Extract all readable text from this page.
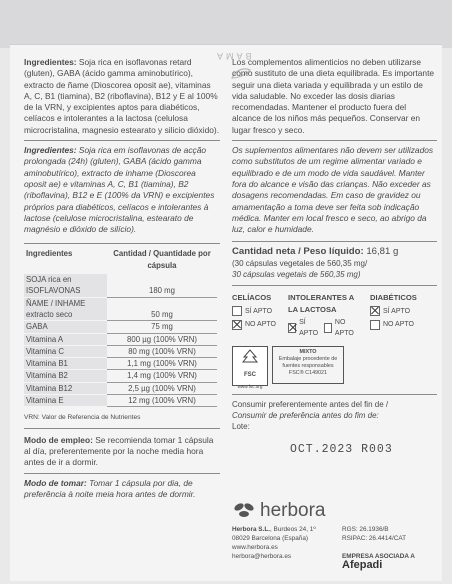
BAMA

Ingredientes: Soja rica en isoflavonas retard (gluten), GABA (ácido gamma aminobutírico), extracto de ñame (Dioscorea oposit ae), vitaminas A, C, B1 (tiamina), B2 (riboflavina), B12 y E al 100% de la VRN, y excipientes aptos para diabéticos, celíacos e intolerantes a la lactosa (celulosa microcristalina, magnesio estearato y silicio dióxido).

Ingredientes: Soja rica em isoflavonas de acção prolongada (24h) (gluten), GABA (ácido gamma aminobutírico), extracto de inhame (Dioscorea oposit ae) e vitaminas A, C, B1 (tiamina), B2 (riboflavina), B12 e E (100% da VRN) e excipientes próprios para diabéticos, celíacos e intolerantes à lactose (celulose microcristalina, estearato de magnésio e dióxido de silício).

Ingredientes	Cantidad / Quantidade por cápsula
SOJA rica en ISOFLAVONAS	180 mg
ÑAME / INHAME extracto seco	50 mg
GABA	75 mg
Vitamina A	800 µg (100% VRN)
Vitamina C	80 mg (100% VRN)
Vitamina B1	1,1 mg (100% VRN)
Vitamina B2	1,4 mg (100% VRN)
Vitamina B12	2,5 µg (100% VRN)
Vitamina E	12 mg (100% VRN)

VRN: Valor de Referencia de Nutrientes

Modo de empleo: Se recomienda tomar 1 cápsula al día, preferentemente por la noche media hora antes de ir a dormir.

Modo de tomar: Tomar 1 cápsula por dia, de preferência à noite meia hora antes de dormir.

Los complementos alimenticios no deben utilizarse como sustituto de una dieta equilibrada. Es importante seguir una dieta variada y equilibrada y un estilo de vida saludable. No exceder las dosis diarias recomendadas. Mantener el producto fuera del alcance de los niños más pequeños. Conservar en lugar fresco y seco.

Os suplementos alimentares não devem ser utilizados como substitutos de um regime alimentar variado e equilibrado e de um modo de vida saudável. Manter fora do alcance e visão das crianças. Não exceder as dosagens recomendadas. Em caso de gravidez ou amamentação a toma deve ser feita sob indicação médica. Manter em local fresco e seco, ao abrigo da luz, calor e humidade.

Cantidad neta / Peso líquido: 16,81 g

(30 cápsulas vegetales de 560,35 mg/

30 cápsulas vegetais de 560,35 mg)

CELÍACOS
SÍ APTO
NO APTO
INTOLERANTES A LA LACTOSA
SÍ APTO
NO APTO
DIABÉTICOS
SÍ APTO
NO APTO
FSC
www.fsc.org
MIXTO
Embalaje procedente de fuentes responsables
FSC® C149021

Consumir preferentemente antes del fin de /

Consumir de preferência antes do fim de:

Lote:

OCT.2023 R003
herbora
Herbora S.L., Burdeos 24, 1º
08029 Barcelona (España)
www.herbora.es
herbora@herbora.es
RGS: 26.1936/B
RSIPAC: 26.4414/CAT
EMPRESA ASOCIADA A
Afepadi
